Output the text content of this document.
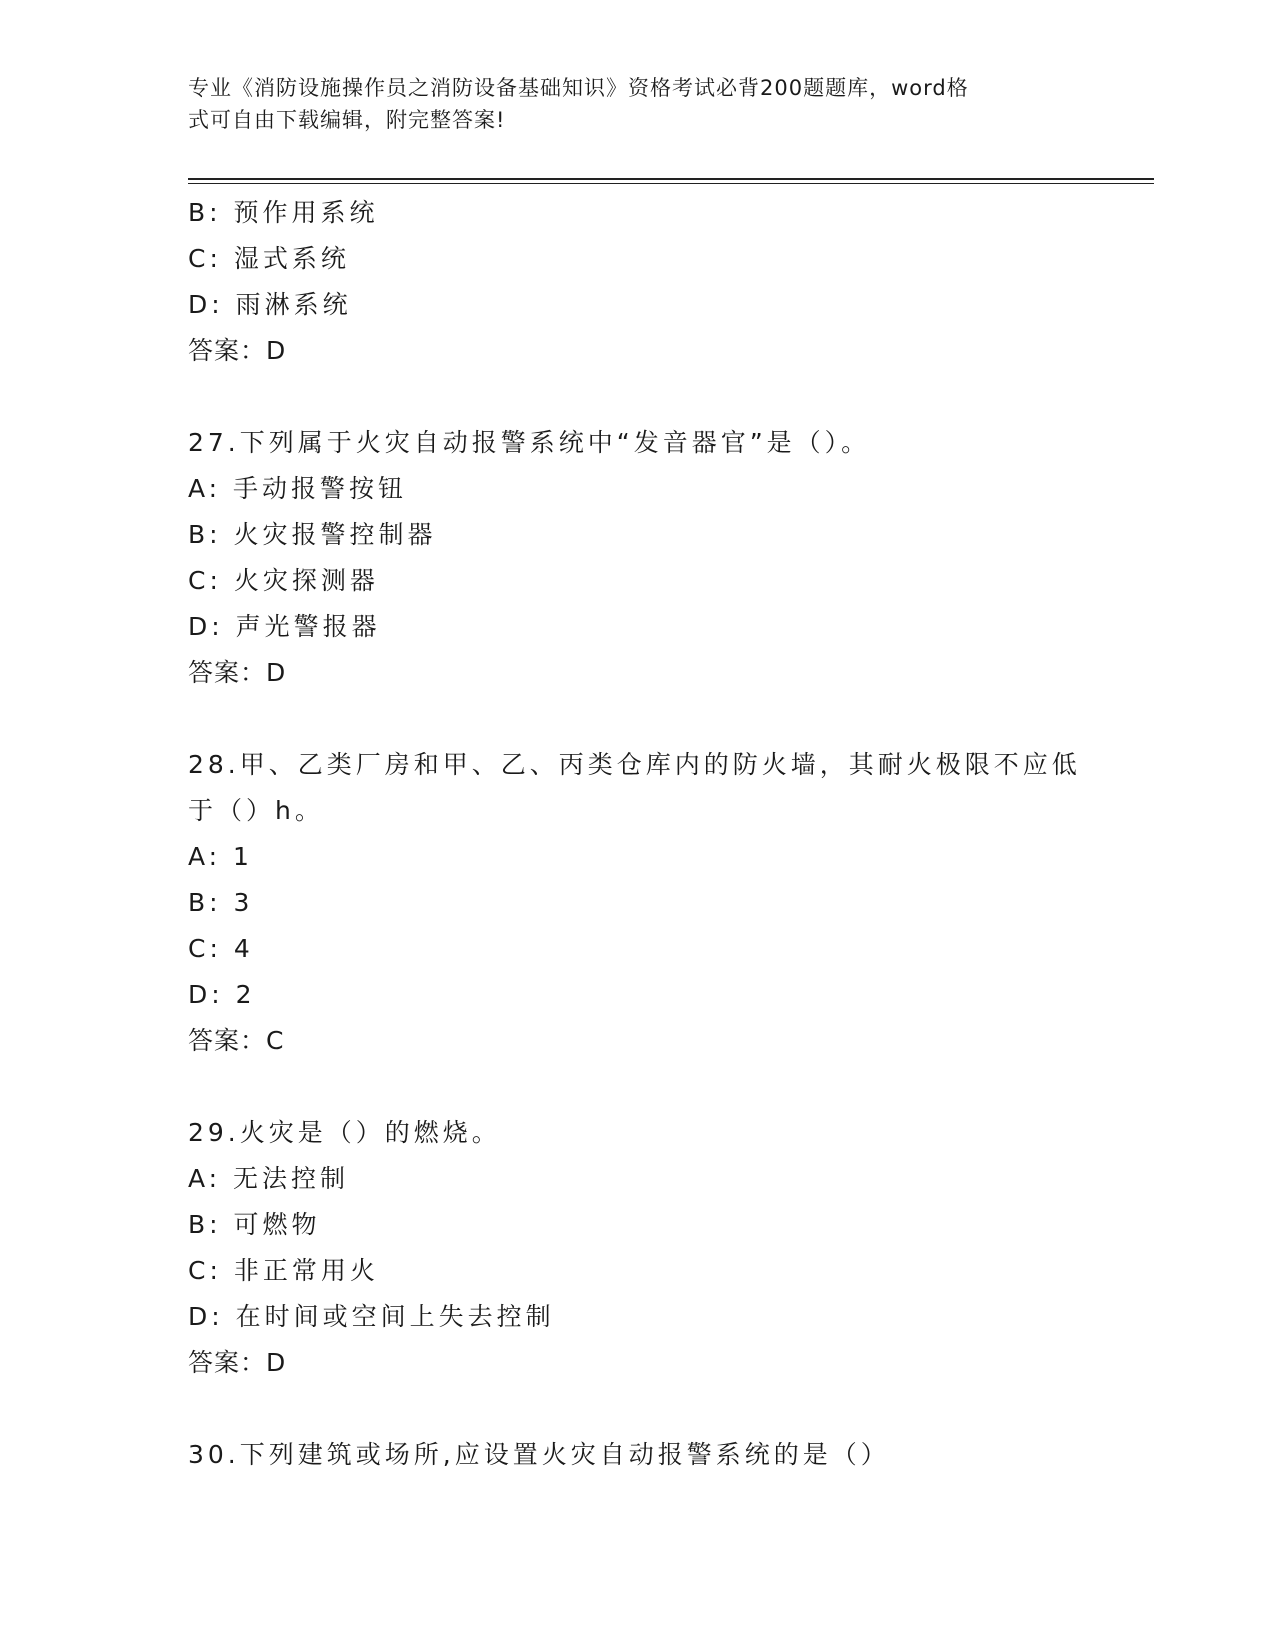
专业《消防设施操作员之消防设备基础知识》资格考试必背200题题库，word格
式可自由下载编辑，附完整答案!
B: 预作用系统
C: 湿式系统
D: 雨淋系统
答案：D
27.下列属于火灾自动报警系统中“发音器官”是（）。
A: 手动报警按钮
B: 火灾报警控制器
C: 火灾探测器
D: 声光警报器
答案：D
28.甲、乙类厂房和甲、乙、丙类仓库内的防火墙，其耐火极限不应低
于（）h。
A: 1
B: 3
C: 4
D: 2
答案：C
29.火灾是（）的燃烧。
A: 无法控制
B: 可燃物
C: 非正常用火
D: 在时间或空间上失去控制
答案：D
30.下列建筑或场所,应设置火灾自动报警系统的是（）
